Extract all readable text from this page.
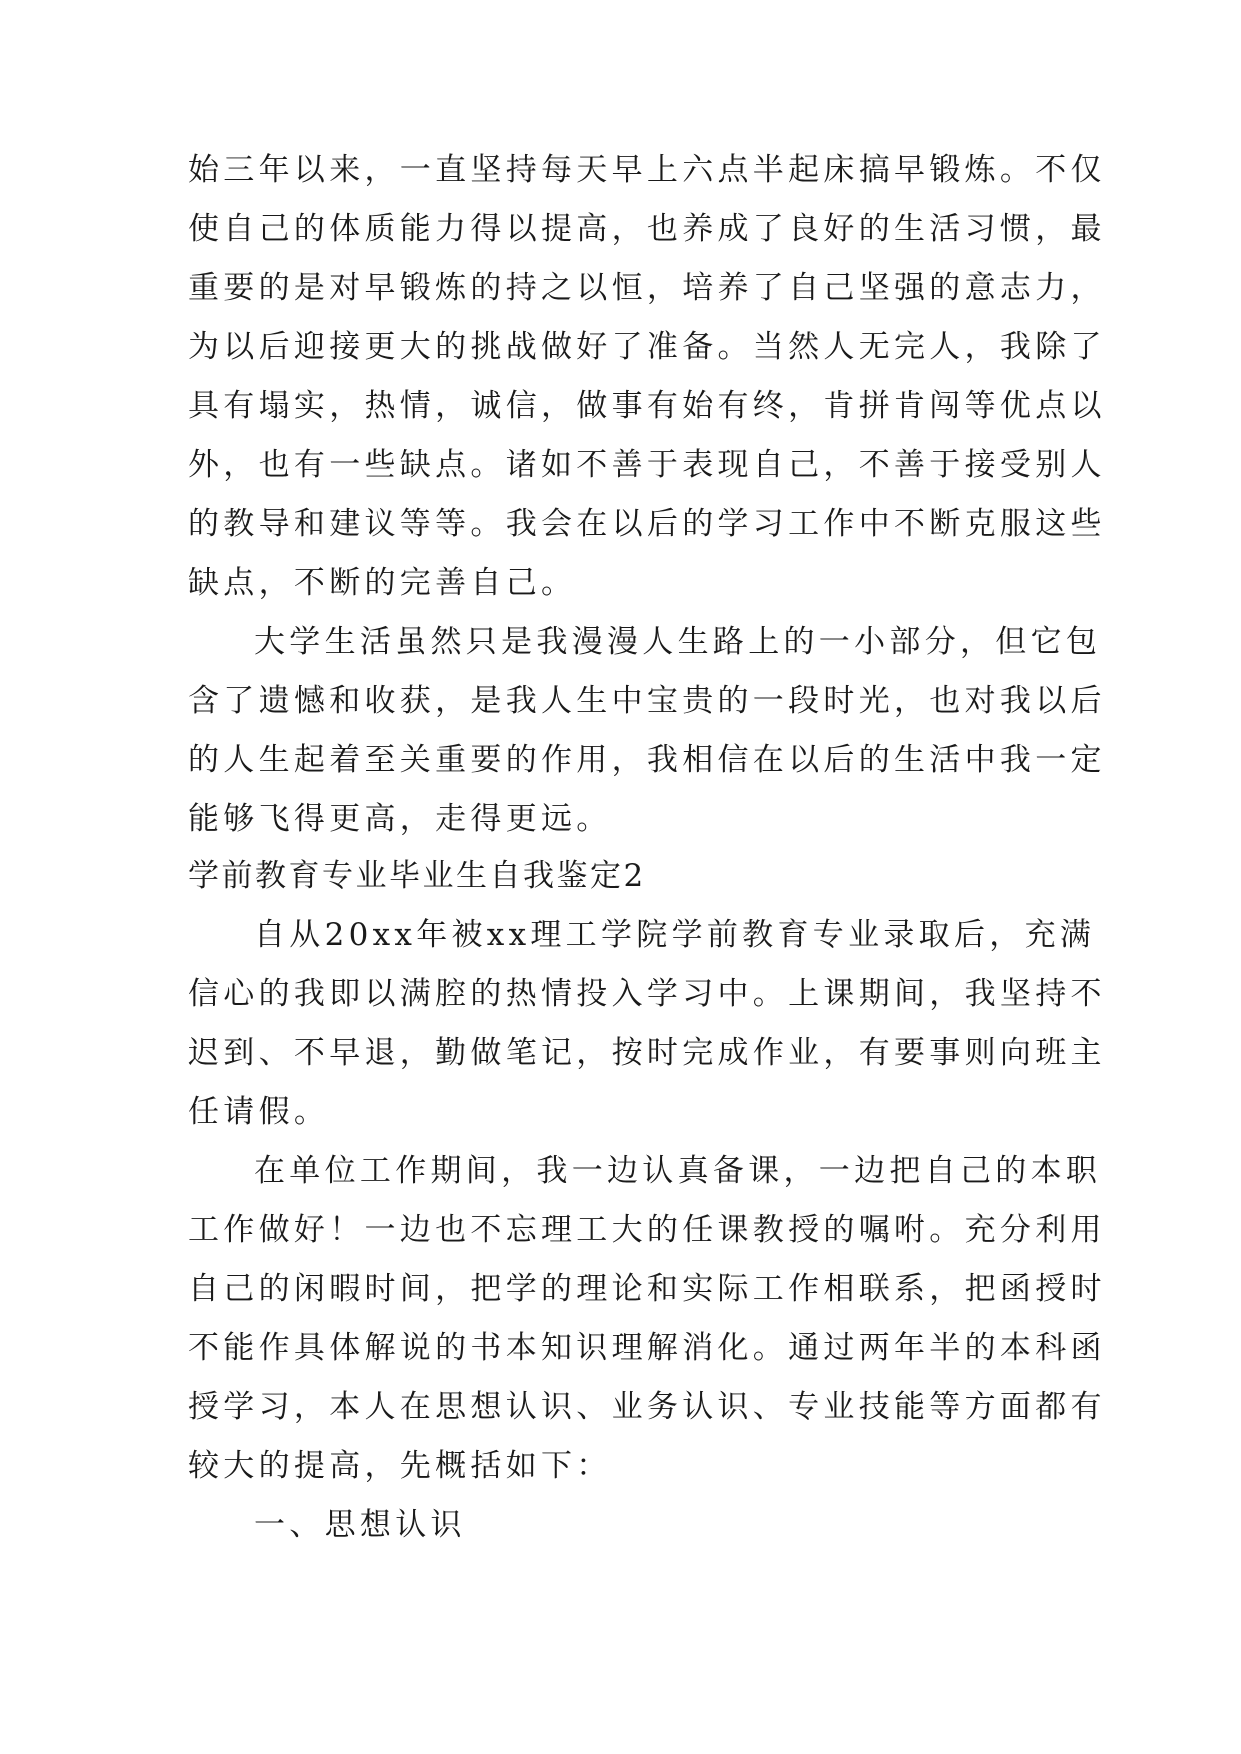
始三年以来，一直坚持每天早上六点半起床搞早锻炼。不仅
使自己的体质能力得以提高，也养成了良好的生活习惯，最
重要的是对早锻炼的持之以恒，培养了自己坚强的意志力，
为以后迎接更大的挑战做好了准备。当然人无完人，我除了
具有塌实，热情，诚信，做事有始有终，肯拼肯闯等优点以
外，也有一些缺点。诸如不善于表现自己，不善于接受别人
的教导和建议等等。我会在以后的学习工作中不断克服这些
缺点，不断的完善自己。
大学生活虽然只是我漫漫人生路上的一小部分，但它包
含了遗憾和收获，是我人生中宝贵的一段时光，也对我以后
的人生起着至关重要的作用，我相信在以后的生活中我一定
能够飞得更高，走得更远。
学前教育专业毕业生自我鉴定2
自从20xx年被xx理工学院学前教育专业录取后，充满
信心的我即以满腔的热情投入学习中。上课期间，我坚持不
迟到、不早退，勤做笔记，按时完成作业，有要事则向班主
任请假。
在单位工作期间，我一边认真备课，一边把自己的本职
工作做好！一边也不忘理工大的任课教授的嘱咐。充分利用
自己的闲暇时间，把学的理论和实际工作相联系，把函授时
不能作具体解说的书本知识理解消化。通过两年半的本科函
授学习，本人在思想认识、业务认识、专业技能等方面都有
较大的提高，先概括如下：
一、思想认识
